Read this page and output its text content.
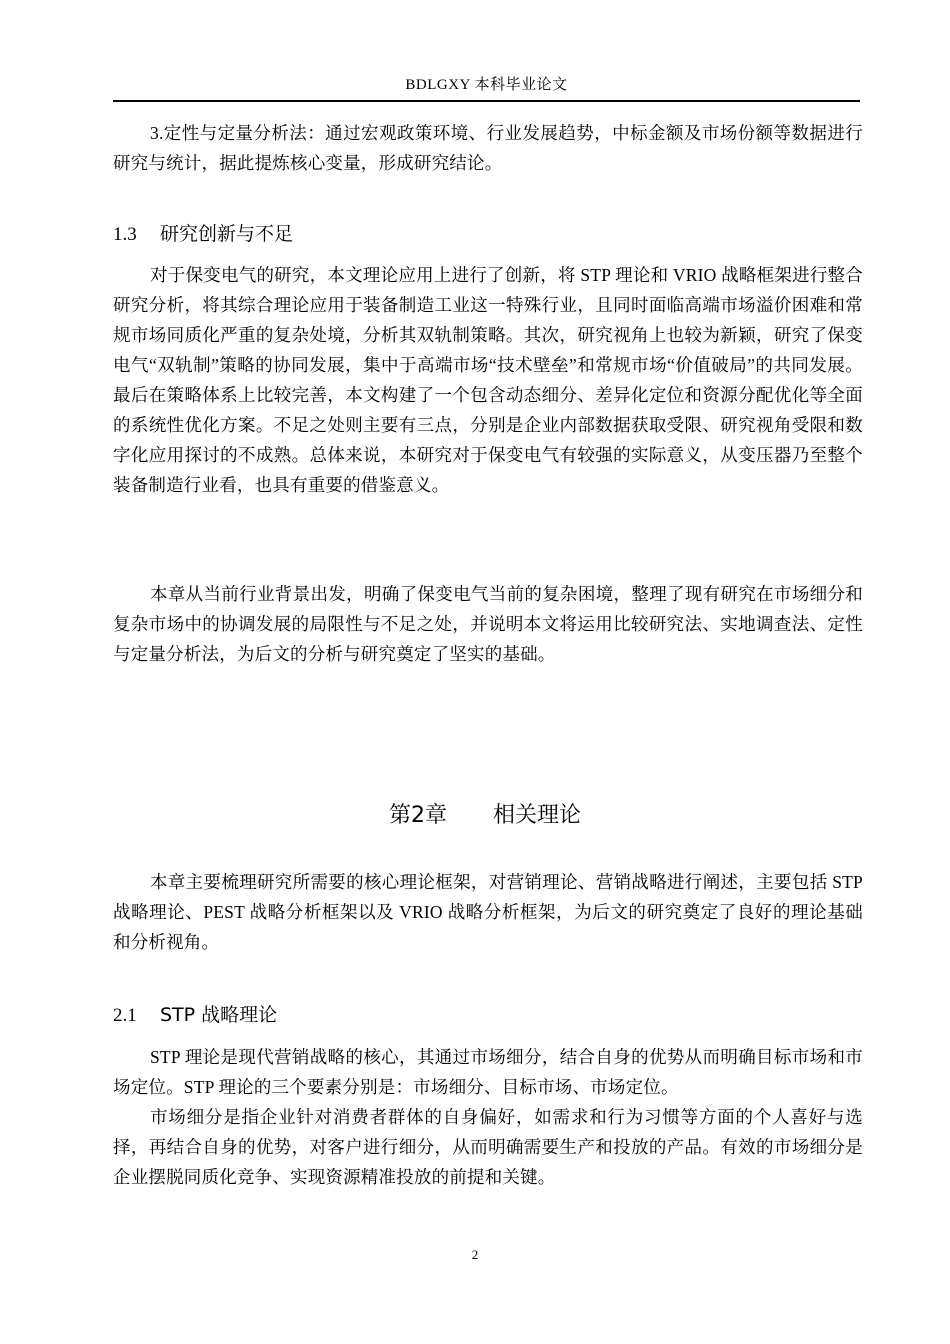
BDLGXY 本科毕业论文

3.定性与定量分析法：通过宏观政策环境、行业发展趋势，中标金额及市场份额等数据进行研究与统计，据此提炼核心变量，形成研究结论。

1.3 研究创新与不足

对于保变电气的研究，本文理论应用上进行了创新，将 STP 理论和 VRIO 战略框架进行整合研究分析，将其综合理论应用于装备制造工业这一特殊行业，且同时面临高端市场溢价困难和常规市场同质化严重的复杂处境，分析其双轨制策略。其次，研究视角上也较为新颖，研究了保变电气“双轨制”策略的协同发展，集中于高端市场“技术壁垒”和常规市场“价值破局”的共同发展。最后在策略体系上比较完善，本文构建了一个包含动态细分、差异化定位和资源分配优化等全面的系统性优化方案。不足之处则主要有三点，分别是企业内部数据获取受限、研究视角受限和数字化应用探讨的不成熟。总体来说，本研究对于保变电气有较强的实际意义，从变压器乃至整个装备制造行业看，也具有重要的借鉴意义。

本章从当前行业背景出发，明确了保变电气当前的复杂困境，整理了现有研究在市场细分和复杂市场中的协调发展的局限性与不足之处，并说明本文将运用比较研究法、实地调查法、定性与定量分析法，为后文的分析与研究奠定了坚实的基础。

第2章 相关理论

本章主要梳理研究所需要的核心理论框架，对营销理论、营销战略进行阐述，主要包括 STP 战略理论、PEST 战略分析框架以及 VRIO 战略分析框架，为后文的研究奠定了良好的理论基础和分析视角。

2.1 STP 战略理论

STP 理论是现代营销战略的核心，其通过市场细分，结合自身的优势从而明确目标市场和市场定位。STP 理论的三个要素分别是：市场细分、目标市场、市场定位。

市场细分是指企业针对消费者群体的自身偏好，如需求和行为习惯等方面的个人喜好与选择，再结合自身的优势，对客户进行细分，从而明确需要生产和投放的产品。有效的市场细分是企业摆脱同质化竞争、实现资源精准投放的前提和关键。

2
